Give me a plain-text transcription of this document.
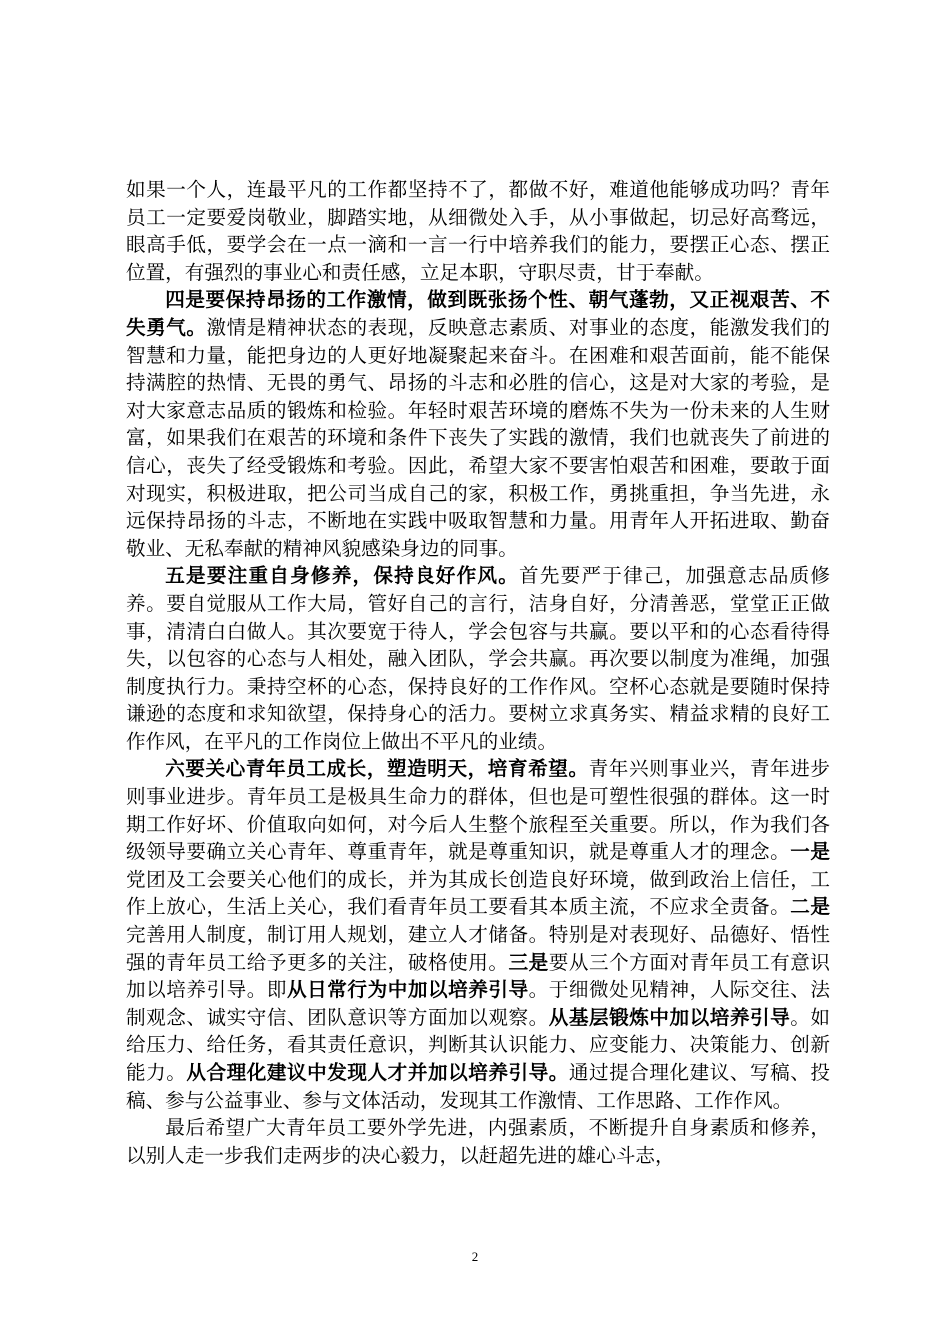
如果一个人，连最平凡的工作都坚持不了，都做不好，难道他能够成功吗？青年员工一定要爱岗敬业，脚踏实地，从细微处入手，从小事做起，切忌好高骛远，眼高手低，要学会在一点一滴和一言一行中培养我们的能力，要摆正心态、摆正位置，有强烈的事业心和责任感，立足本职，守职尽责，甘于奉献。

四是要保持昂扬的工作激情，做到既张扬个性、朝气蓬勃，又正视艰苦、不失勇气。激情是精神状态的表现，反映意志素质、对事业的态度，能激发我们的智慧和力量，能把身边的人更好地凝聚起来奋斗。在困难和艰苦面前，能不能保持满腔的热情、无畏的勇气、昂扬的斗志和必胜的信心，这是对大家的考验，是对大家意志品质的锻炼和检验。年轻时艰苦环境的磨炼不失为一份未来的人生财富，如果我们在艰苦的环境和条件下丧失了实践的激情，我们也就丧失了前进的信心，丧失了经受锻炼和考验。因此，希望大家不要害怕艰苦和困难，要敢于面对现实，积极进取，把公司当成自己的家，积极工作，勇挑重担，争当先进，永远保持昂扬的斗志，不断地在实践中吸取智慧和力量。用青年人开拓进取、勤奋敬业、无私奉献的精神风貌感染身边的同事。

五是要注重自身修养，保持良好作风。首先要严于律己，加强意志品质修养。要自觉服从工作大局，管好自己的言行，洁身自好，分清善恶，堂堂正正做事，清清白白做人。其次要宽于待人，学会包容与共赢。要以平和的心态看待得失，以包容的心态与人相处，融入团队，学会共赢。再次要以制度为准绳，加强制度执行力。秉持空杯的心态，保持良好的工作作风。空杯心态就是要随时保持谦逊的态度和求知欲望，保持身心的活力。要树立求真务实、精益求精的良好工作作风，在平凡的工作岗位上做出不平凡的业绩。

六要关心青年员工成长，塑造明天，培育希望。青年兴则事业兴，青年进步则事业进步。青年员工是极具生命力的群体，但也是可塑性很强的群体。这一时期工作好坏、价值取向如何，对今后人生整个旅程至关重要。所以，作为我们各级领导要确立关心青年、尊重青年，就是尊重知识，就是尊重人才的理念。一是党团及工会要关心他们的成长，并为其成长创造良好环境，做到政治上信任，工作上放心，生活上关心，我们看青年员工要看其本质主流，不应求全责备。二是完善用人制度，制订用人规划，建立人才储备。特别是对表现好、品德好、悟性强的青年员工给予更多的关注，破格使用。三是要从三个方面对青年员工有意识加以培养引导。即从日常行为中加以培养引导。于细微处见精神，人际交往、法制观念、诚实守信、团队意识等方面加以观察。从基层锻炼中加以培养引导。如给压力、给任务，看其责任意识，判断其认识能力、应变能力、决策能力、创新能力。从合理化建议中发现人才并加以培养引导。通过提合理化建议、写稿、投稿、参与公益事业、参与文体活动，发现其工作激情、工作思路、工作作风。

最后希望广大青年员工要外学先进，内强素质，不断提升自身素质和修养，以别人走一步我们走两步的决心毅力，以赶超先进的雄心斗志，

2
